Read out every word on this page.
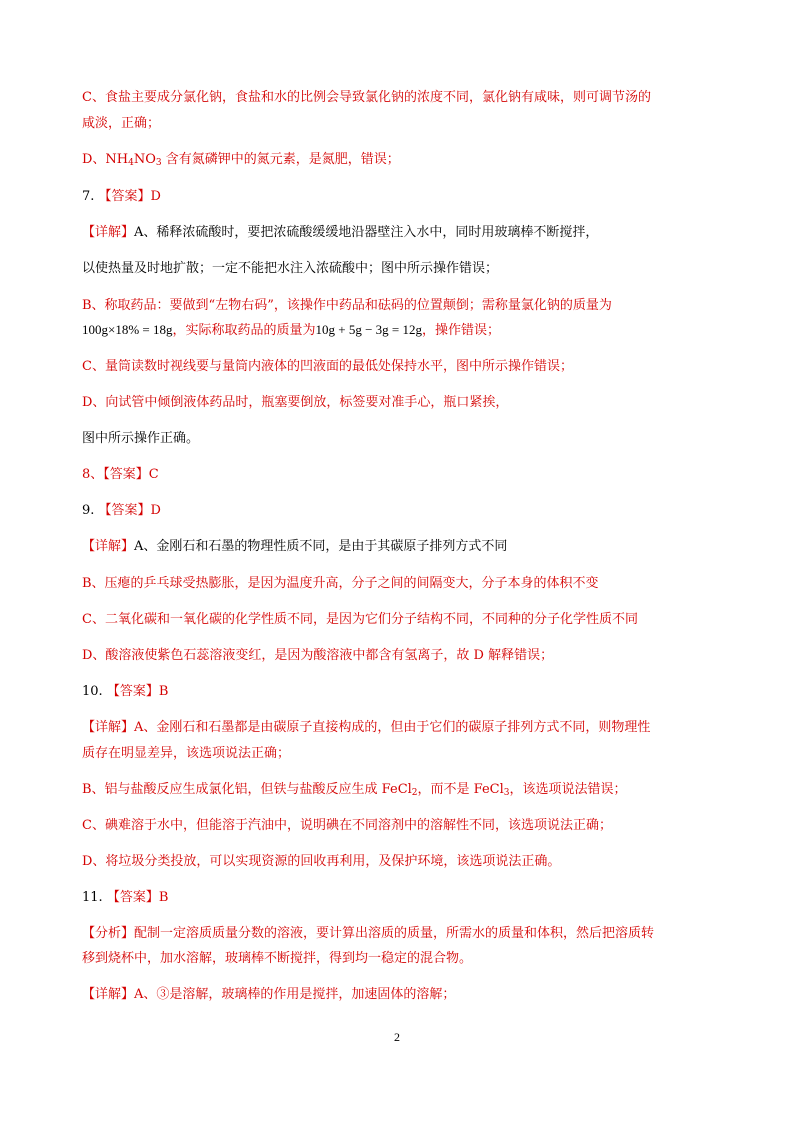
C、食盐主要成分氯化钠，食盐和水的比例会导致氯化钠的浓度不同，氯化钠有咸味，则可调节汤的
咸淡，正确；
D、$NH_4NO_3$ 含有氮磷钾中的氮元素，是氮肥，错误；
7. 【答案】D
【详解】A、稀释浓硫酸时，要把浓硫酸缓缓地沿器壁注入水中，同时用玻璃棒不断搅拌，
以使热量及时地扩散；一定不能把水注入浓硫酸中；图中所示操作错误；
B、称取药品：要做到“左物右码”，该操作中药品和砝码的位置颠倒；需称量氯化钠的质量为
100g×18% = 18g，实际称取药品的质量为10g + 5g − 3g = 12g，操作错误；
C、量筒读数时视线要与量筒内液体的凹液面的最低处保持水平，图中所示操作错误；
D、向试管中倾倒液体药品时，瓶塞要倒放，标签要对准手心，瓶口紧挨，
图中所示操作正确。
8、【答案】C
9. 【答案】D
【详解】A、金刚石和石墨的物理性质不同，是由于其碳原子排列方式不同
B、压瘪的乒乓球受热膨胀，是因为温度升高，分子之间的间隔变大，分子本身的体积不变
C、二氧化碳和一氧化碳的化学性质不同，是因为它们分子结构不同，不同种的分子化学性质不同
D、酸溶液使紫色石蕊溶液变红，是因为酸溶液中都含有氢离子，故 D 解释错误；
10. 【答案】B
【详解】A、金刚石和石墨都是由碳原子直接构成的，但由于它们的碳原子排列方式不同，则物理性
质存在明显差异，该选项说法正确；
B、铝与盐酸反应生成氯化铝，但铁与盐酸反应生成 FeCl$_2$，而不是 FeCl$_3$，该选项说法错误；
C、碘难溶于水中，但能溶于汽油中，说明碘在不同溶剂中的溶解性不同，该选项说法正确；
D、将垃圾分类投放，可以实现资源的回收再利用，及保护环境，该选项说法正确。
11. 【答案】B
【分析】配制一定溶质质量分数的溶液，要计算出溶质的质量，所需水的质量和体积，然后把溶质转
移到烧杯中，加水溶解，玻璃棒不断搅拌，得到均一稳定的混合物。
【详解】A、③是溶解，玻璃棒的作用是搅拌，加速固体的溶解；
2
